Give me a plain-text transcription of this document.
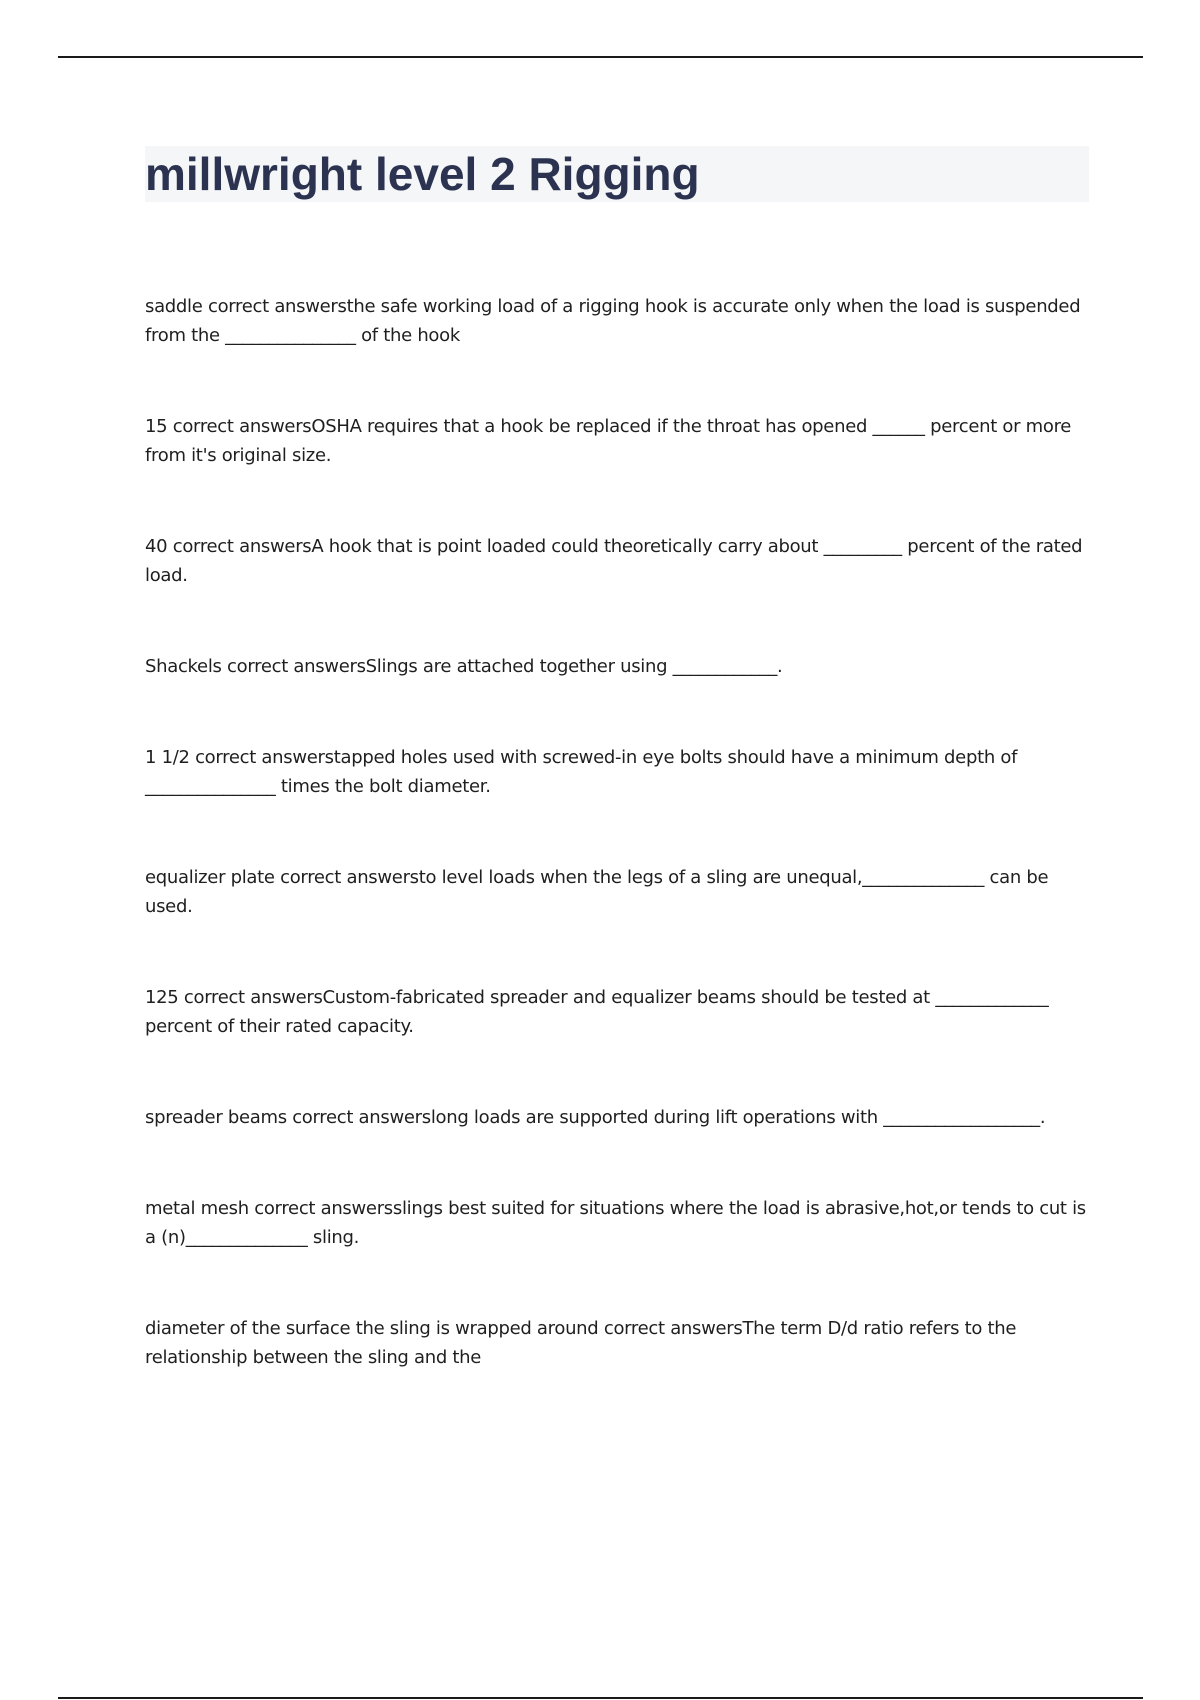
millwright level 2 Rigging

saddle correct answersthe safe working load of a rigging hook is accurate only when the load is suspended from the _______________ of the hook

15 correct answersOSHA requires that a hook be replaced if the throat has opened ______ percent or more from it's original size.

40 correct answersA hook that is point loaded could theoretically carry about _________ percent of the rated load.

Shackels correct answersSlings are attached together using ____________.

1 1/2 correct answerstapped holes used with screwed-in eye bolts should have a minimum depth of _______________ times the bolt diameter.

equalizer plate correct answersto level loads when the legs of a sling are unequal,______________ can be used.

125 correct answersCustom-fabricated spreader and equalizer beams should be tested at _____________ percent of their rated capacity.

spreader beams correct answerslong loads are supported during lift operations with __________________.

metal mesh correct answersslings best suited for situations where the load is abrasive,hot,or tends to cut is a (n)______________ sling.

diameter of the surface the sling is wrapped around correct answersThe term D/d ratio refers to the relationship between the sling and the
